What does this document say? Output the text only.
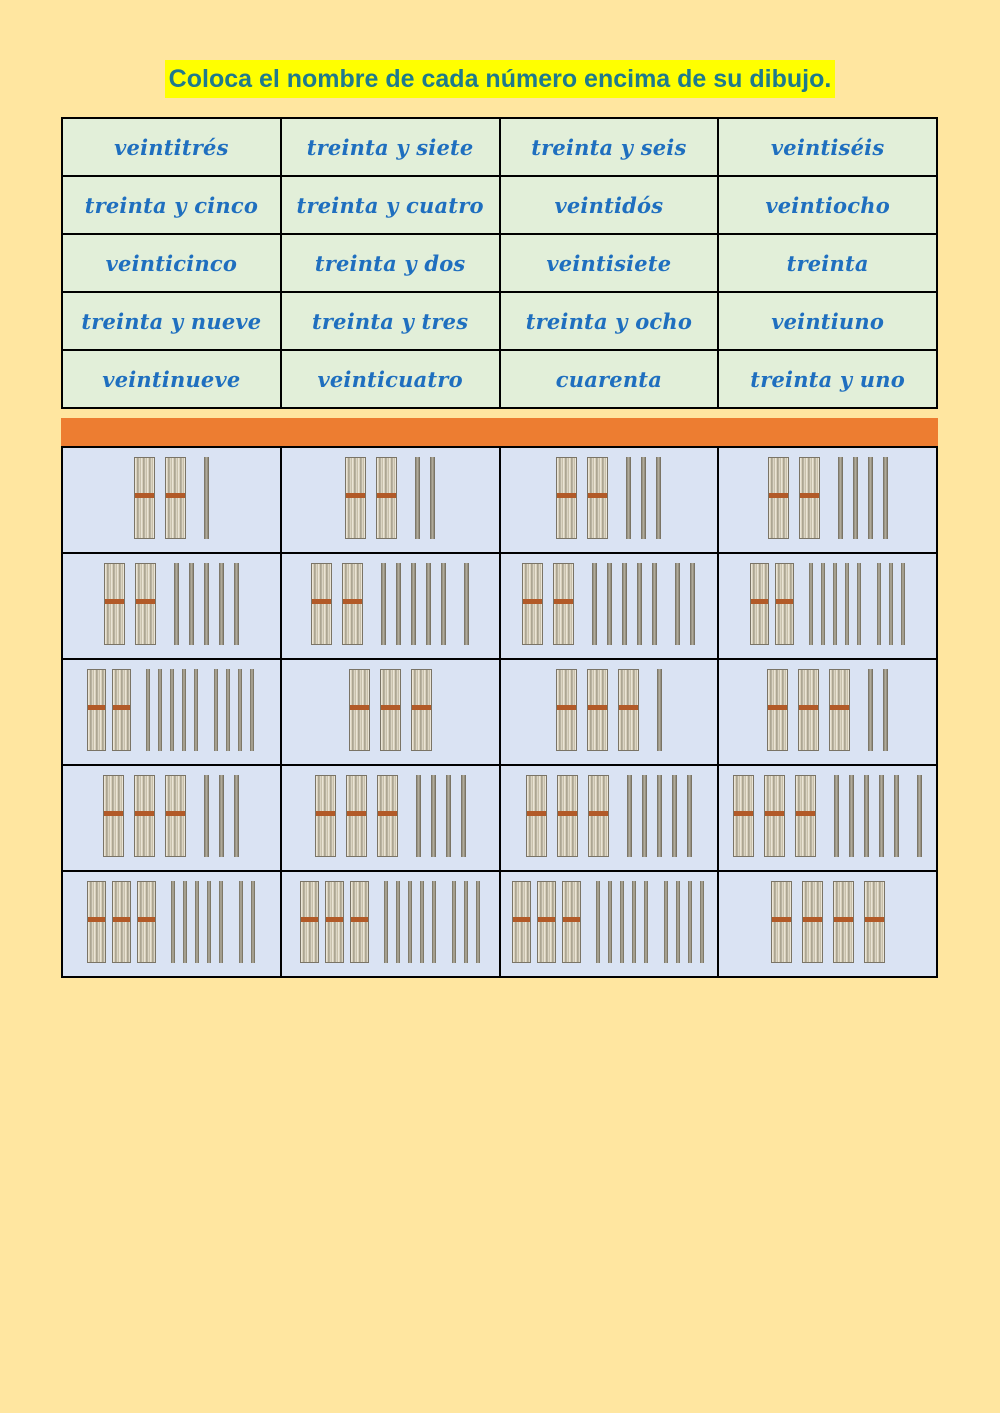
Coloca el nombre de cada número encima de su dibujo.
veintitrés	treinta y siete	treinta y seis	veintiséis
treinta y cinco	treinta y cuatro	veintidós	veintiocho
veinticinco	treinta y dos	veintisiete	treinta
treinta y nueve	treinta y tres	treinta y ocho	veintiuno
veintinueve	veinticuatro	cuarenta	treinta y uno
